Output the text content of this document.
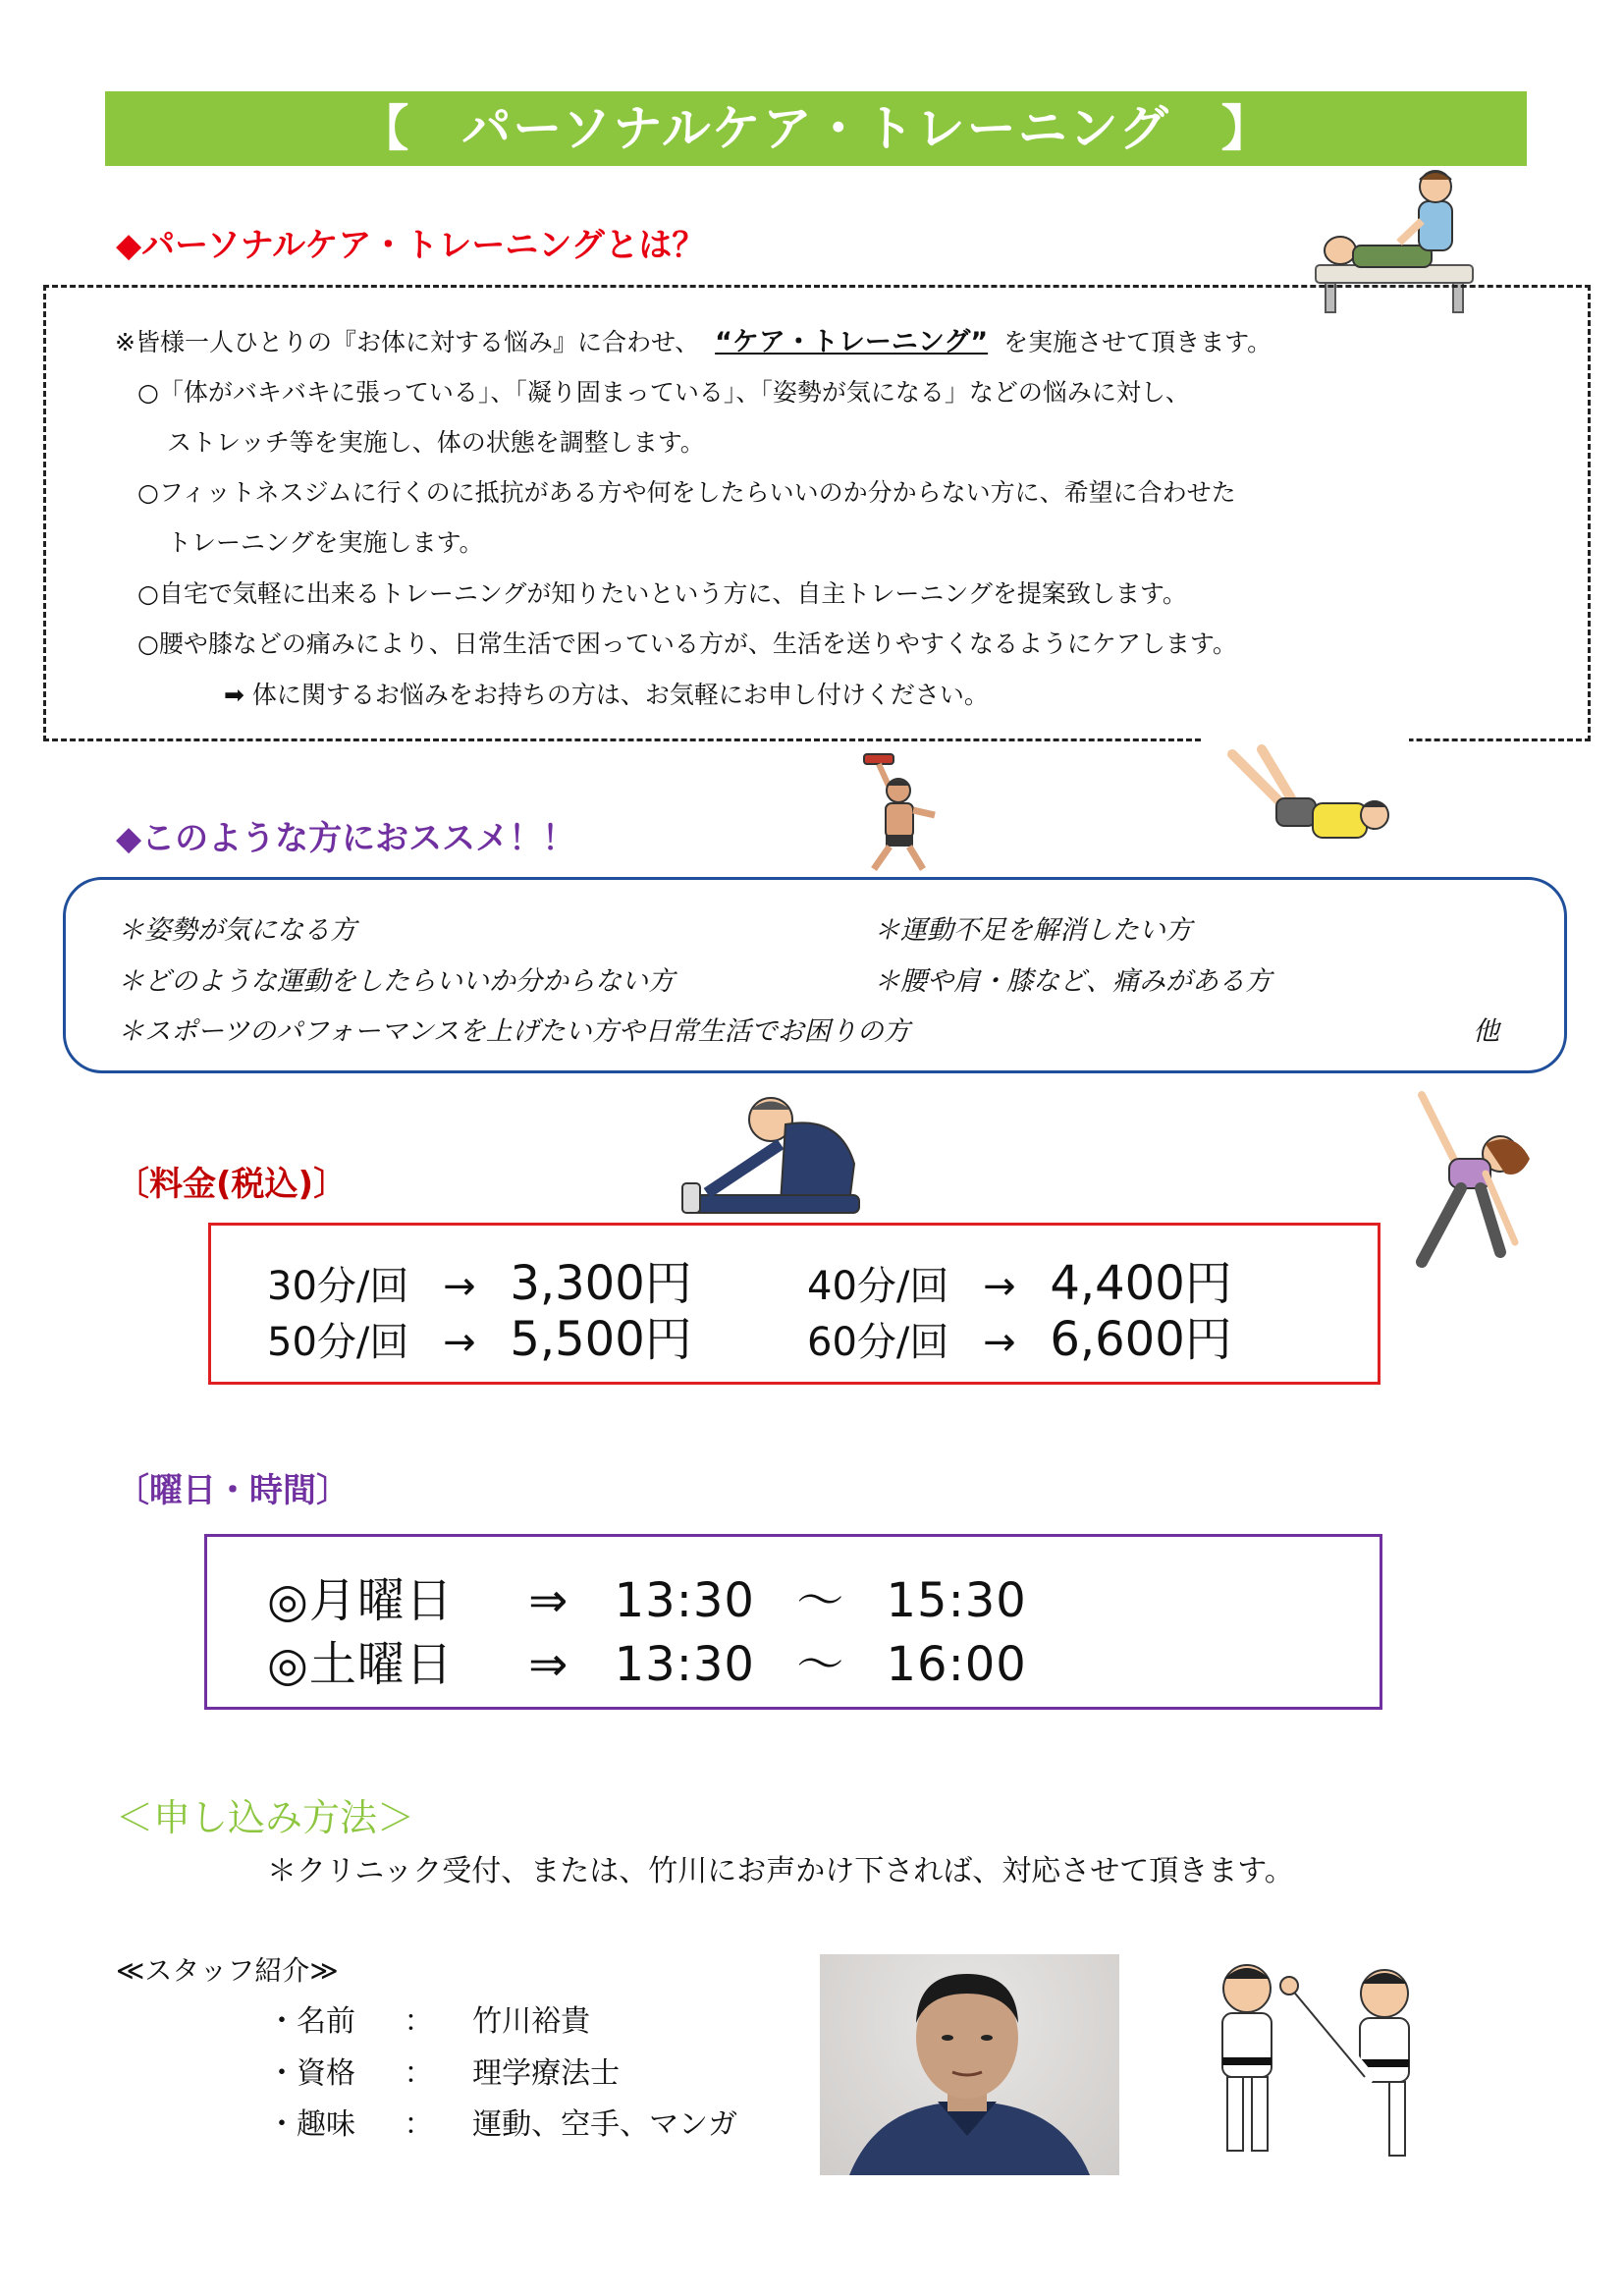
【　パーソナルケア・トレーニング　】
◆パーソナルケア・トレーニングとは？
※皆様一人ひとりの『お体に対する悩み』に合わせ、 “ケア・トレーニング” を実施させて頂きます。
○「体がバキバキに張っている」、「凝り固まっている」、「姿勢が気になる」などの悩みに対し、
ストレッチ等を実施し、体の状態を調整します。
○フィットネスジムに行くのに抵抗がある方や何をしたらいいのか分からない方に、希望に合わせた
トレーニングを実施します。
○自宅で気軽に出来るトレーニングが知りたいという方に、自主トレーニングを提案致します。
○腰や膝などの痛みにより、日常生活で困っている方が、生活を送りやすくなるようにケアします。
➡ 体に関するお悩みをお持ちの方は、お気軽にお申し付けください。
◆このような方におススメ！！
＊姿勢が気になる方	＊運動不足を解消したい方
＊どのような運動をしたらいいか分からない方	＊腰や肩・膝など、痛みがある方
＊スポーツのパフォーマンスを上げたい方や日常生活でお困りの方	他
〔料金(税込)〕
30分/回 → 3,300円	40分/回 → 4,400円
50分/回 → 5,500円	60分/回 → 6,600円
〔曜日・時間〕
◎月曜日 ⇒ 13:30 ～ 15:30
◎土曜日 ⇒ 13:30 ～ 16:00
＜申し込み方法＞
＊クリニック受付、または、竹川にお声かけ下されば、対応させて頂きます。
≪スタッフ紹介≫
・名前 ： 竹川裕貴
・資格 ： 理学療法士
・趣味 ： 運動、空手、マンガ
